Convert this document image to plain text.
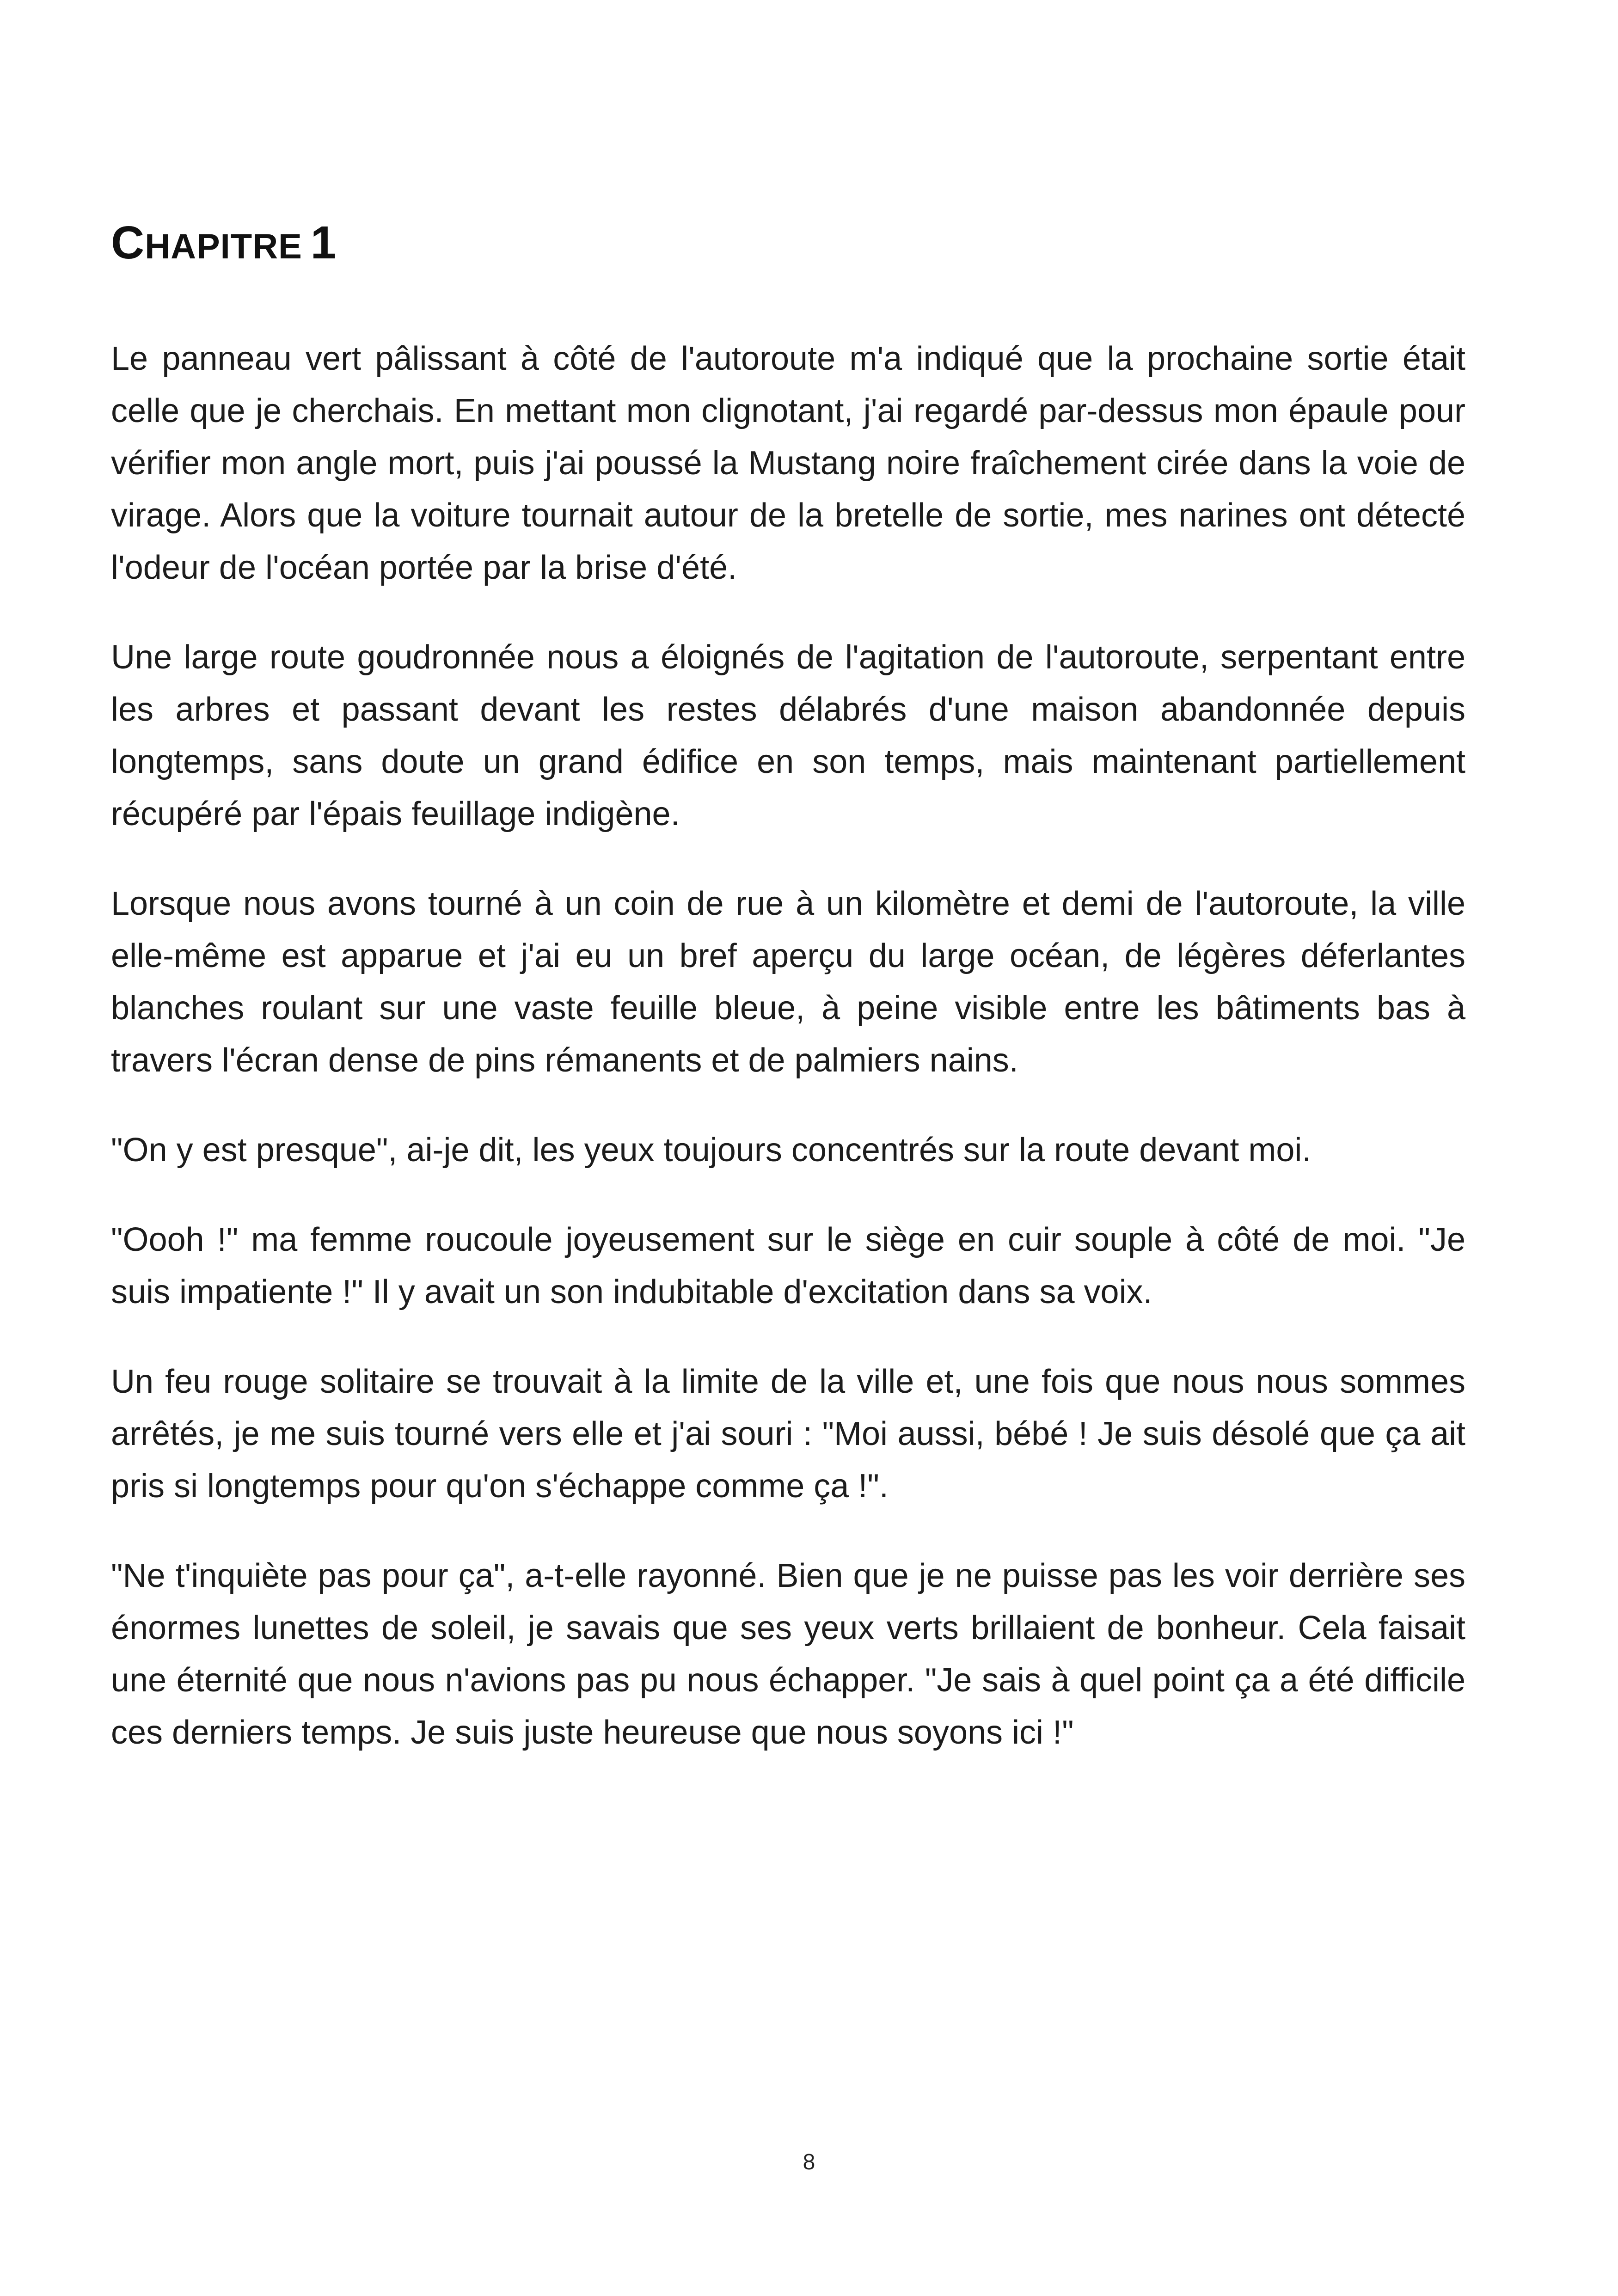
CHAPITRE 1

Le panneau vert pâlissant à côté de l'autoroute m'a indiqué que la prochaine sortie était celle que je cherchais. En mettant mon clignotant, j'ai regardé par-dessus mon épaule pour vérifier mon angle mort, puis j'ai poussé la Mustang noire fraîchement cirée dans la voie de virage. Alors que la voiture tournait autour de la bretelle de sortie, mes narines ont détecté l'odeur de l'océan portée par la brise d'été.

Une large route goudronnée nous a éloignés de l'agitation de l'autoroute, serpentant entre les arbres et passant devant les restes délabrés d'une maison abandonnée depuis longtemps, sans doute un grand édifice en son temps, mais maintenant partiellement récupéré par l'épais feuillage indigène.

Lorsque nous avons tourné à un coin de rue à un kilomètre et demi de l'autoroute, la ville elle-même est apparue et j'ai eu un bref aperçu du large océan, de légères déferlantes blanches roulant sur une vaste feuille bleue, à peine visible entre les bâtiments bas à travers l'écran dense de pins rémanents et de palmiers nains.

"On y est presque", ai-je dit, les yeux toujours concentrés sur la route devant moi.

"Oooh !" ma femme roucoule joyeusement sur le siège en cuir souple à côté de moi. "Je suis impatiente !" Il y avait un son indubitable d'excitation dans sa voix.

Un feu rouge solitaire se trouvait à la limite de la ville et, une fois que nous nous sommes arrêtés, je me suis tourné vers elle et j'ai souri : "Moi aussi, bébé ! Je suis désolé que ça ait pris si longtemps pour qu'on s'échappe comme ça !".

"Ne t'inquiète pas pour ça", a-t-elle rayonné. Bien que je ne puisse pas les voir derrière ses énormes lunettes de soleil, je savais que ses yeux verts brillaient de bonheur. Cela faisait une éternité que nous n'avions pas pu nous échapper. "Je sais à quel point ça a été difficile ces derniers temps. Je suis juste heureuse que nous soyons ici !"

8
